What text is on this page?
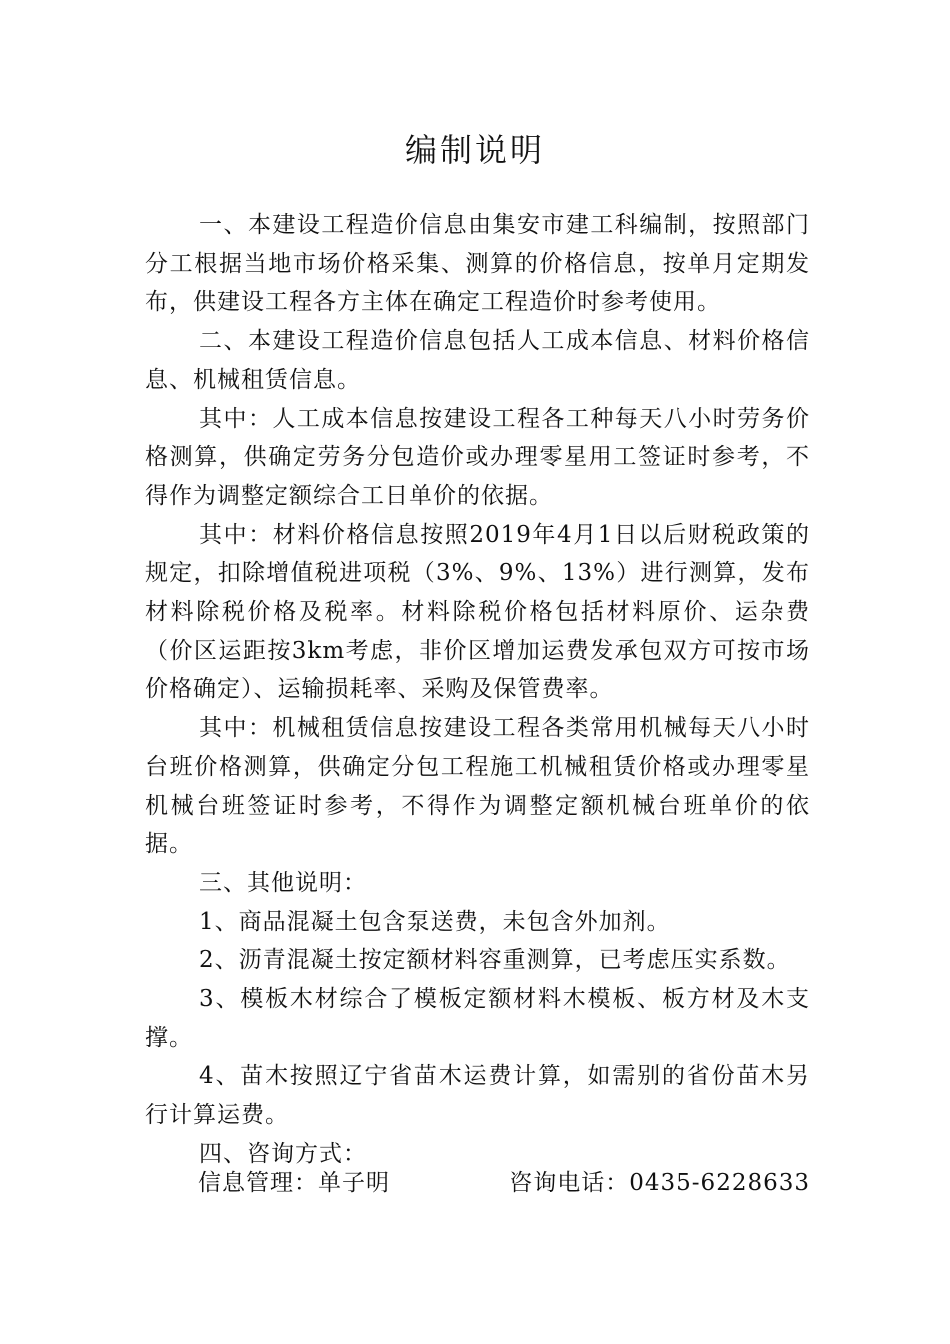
编制说明

一、本建设工程造价信息由集安市建工科编制，按照部门分工根据当地市场价格采集、测算的价格信息，按单月定期发布，供建设工程各方主体在确定工程造价时参考使用。

二、本建设工程造价信息包括人工成本信息、材料价格信息、机械租赁信息。

其中：人工成本信息按建设工程各工种每天八小时劳务价格测算，供确定劳务分包造价或办理零星用工签证时参考，不得作为调整定额综合工日单价的依据。

其中：材料价格信息按照2019年4月1日以后财税政策的规定，扣除增值税进项税（3%、9%、13%）进行测算，发布材料除税价格及税率。材料除税价格包括材料原价、运杂费（价区运距按3km考虑，非价区增加运费发承包双方可按市场价格确定）、运输损耗率、采购及保管费率。

其中：机械租赁信息按建设工程各类常用机械每天八小时台班价格测算，供确定分包工程施工机械租赁价格或办理零星机械台班签证时参考，不得作为调整定额机械台班单价的依据。

三、其他说明：

1、商品混凝土包含泵送费，未包含外加剂。

2、沥青混凝土按定额材料容重测算，已考虑压实系数。

3、模板木材综合了模板定额材料木模板、板方材及木支撑。

4、苗木按照辽宁省苗木运费计算，如需别的省份苗木另行计算运费。

四、咨询方式：

信息管理：单子明	咨询电话：0435-6228633
